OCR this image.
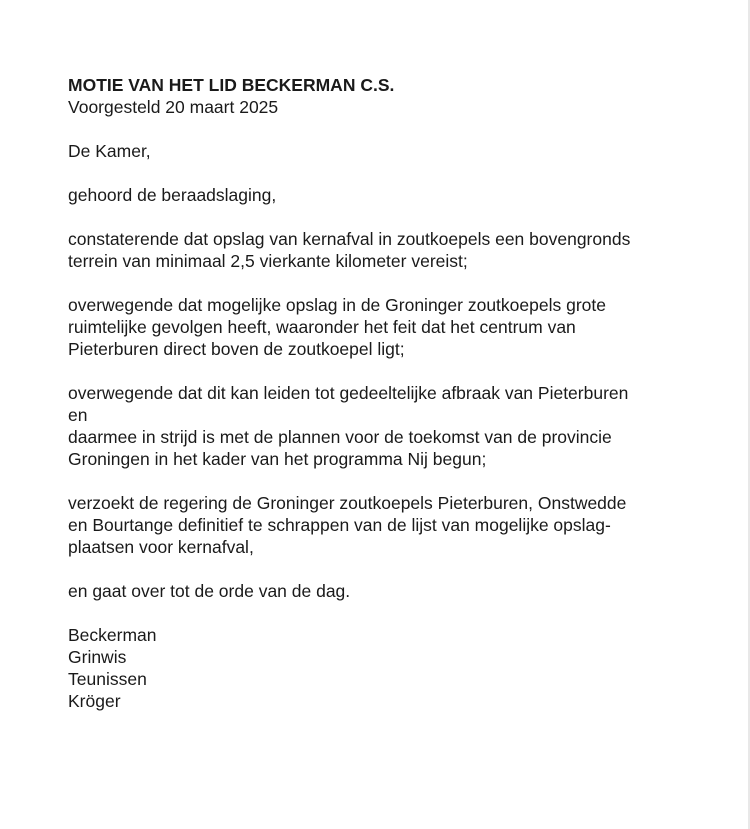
MOTIE VAN HET LID BECKERMAN C.S.
Voorgesteld 20 maart 2025
De Kamer,
gehoord de beraadslaging,
constaterende dat opslag van kernafval in zoutkoepels een bovengronds
terrein van minimaal 2,5 vierkante kilometer vereist;
overwegende dat mogelijke opslag in de Groninger zoutkoepels grote
ruimtelijke gevolgen heeft, waaronder het feit dat het centrum van
Pieterburen direct boven de zoutkoepel ligt;
overwegende dat dit kan leiden tot gedeeltelijke afbraak van Pieterburen
en
daarmee in strijd is met de plannen voor de toekomst van de provincie
Groningen in het kader van het programma Nij begun;
verzoekt de regering de Groninger zoutkoepels Pieterburen, Onstwedde
en Bourtange definitief te schrappen van de lijst van mogelijke opslag-
plaatsen voor kernafval,
en gaat over tot de orde van de dag.
Beckerman
Grinwis
Teunissen
Kröger
